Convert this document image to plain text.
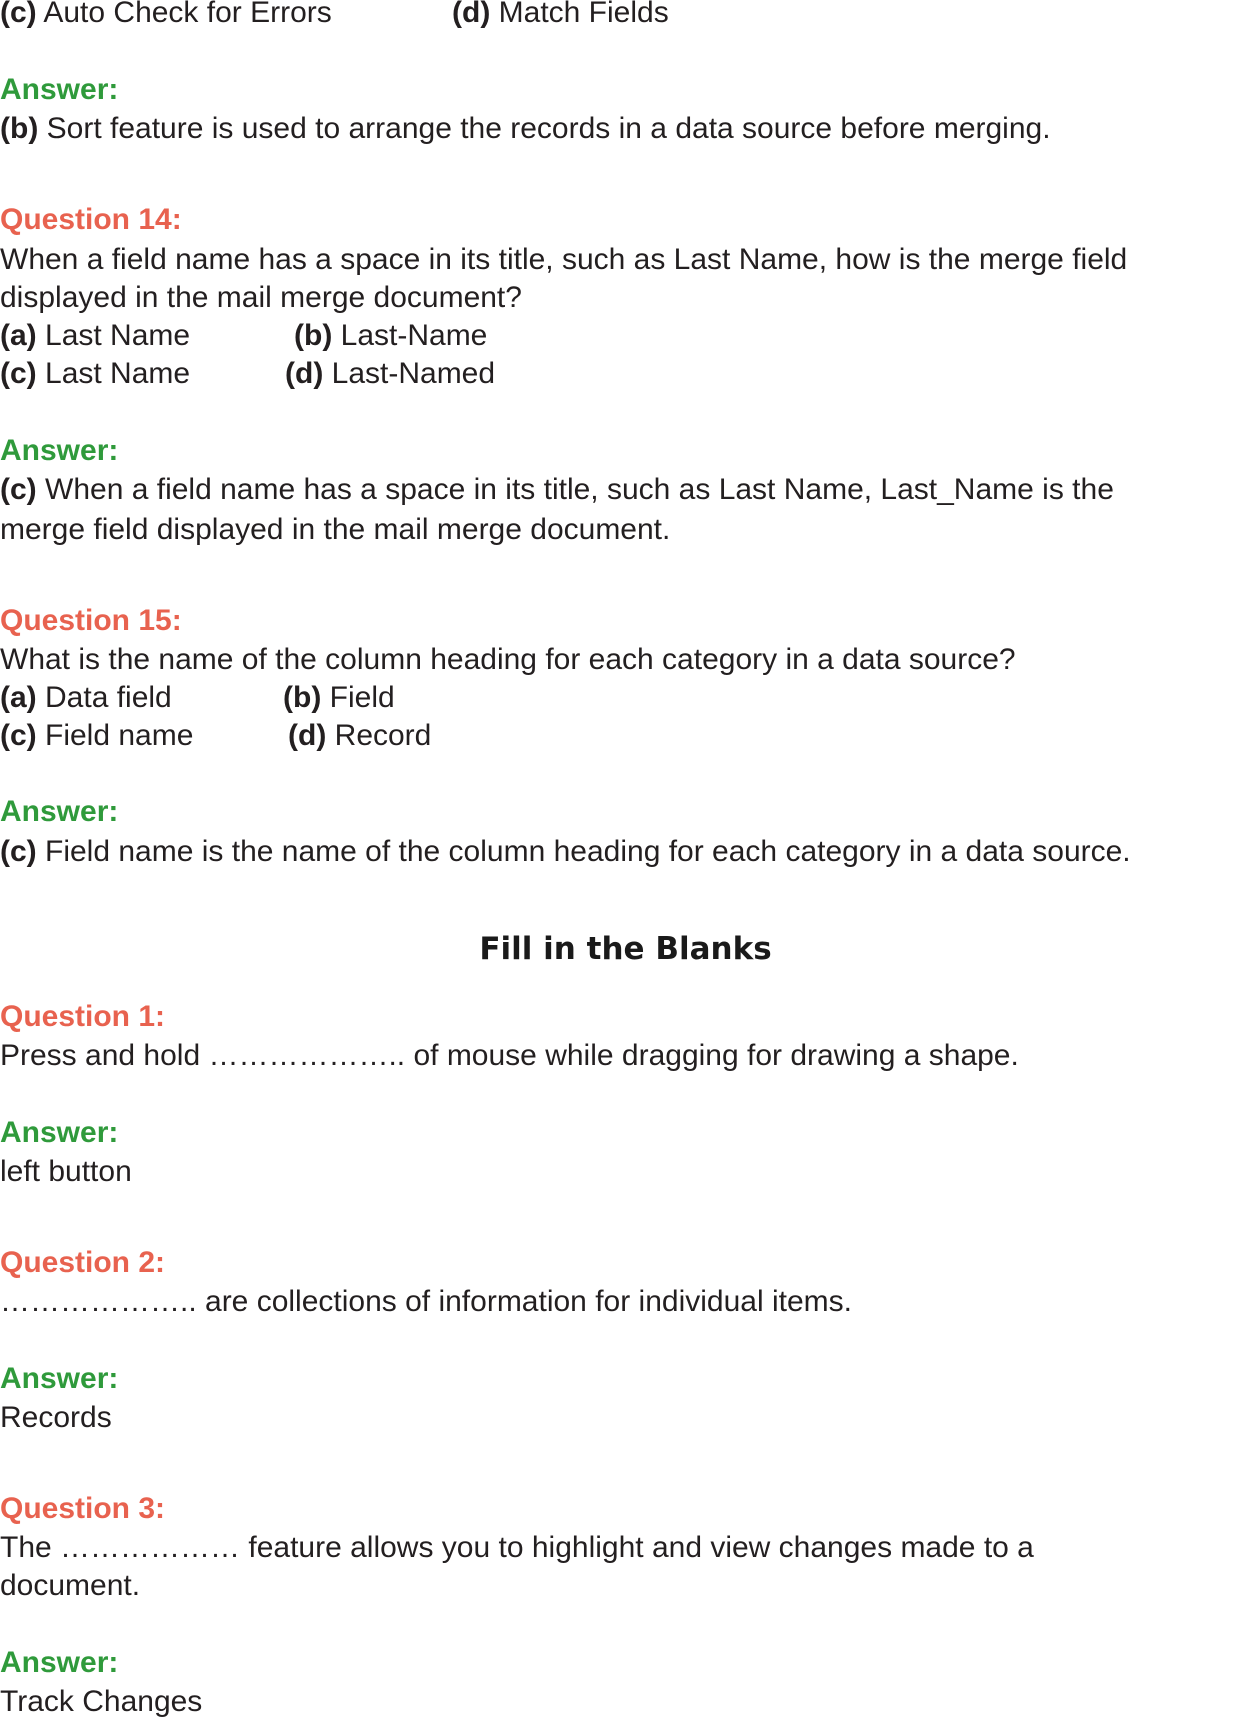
(c) Auto Check for Errors	(d) Match Fields
Answer:
(b) Sort feature is used to arrange the records in a data source before merging.
Question 14:
When a field name has a space in its title, such as Last Name, how is the merge field
displayed in the mail merge document?
(a) Last Name	(b) Last-Name
(c) Last Name	(d) Last-Named
Answer:
(c) When a field name has a space in its title, such as Last Name, Last_Name is the
merge field displayed in the mail merge document.
Question 15:
What is the name of the column heading for each category in a data source?
(a) Data field	(b) Field
(c) Field name	(d) Record
Answer:
(c) Field name is the name of the column heading for each category in a data source.
Fill in the Blanks
Question 1:
Press and hold ……………….. of mouse while dragging for drawing a shape.
Answer:
left button
Question 2:
……………….. are collections of information for individual items.
Answer:
Records
Question 3:
The ……………… feature allows you to highlight and view changes made to a
document.
Answer:
Track Changes
